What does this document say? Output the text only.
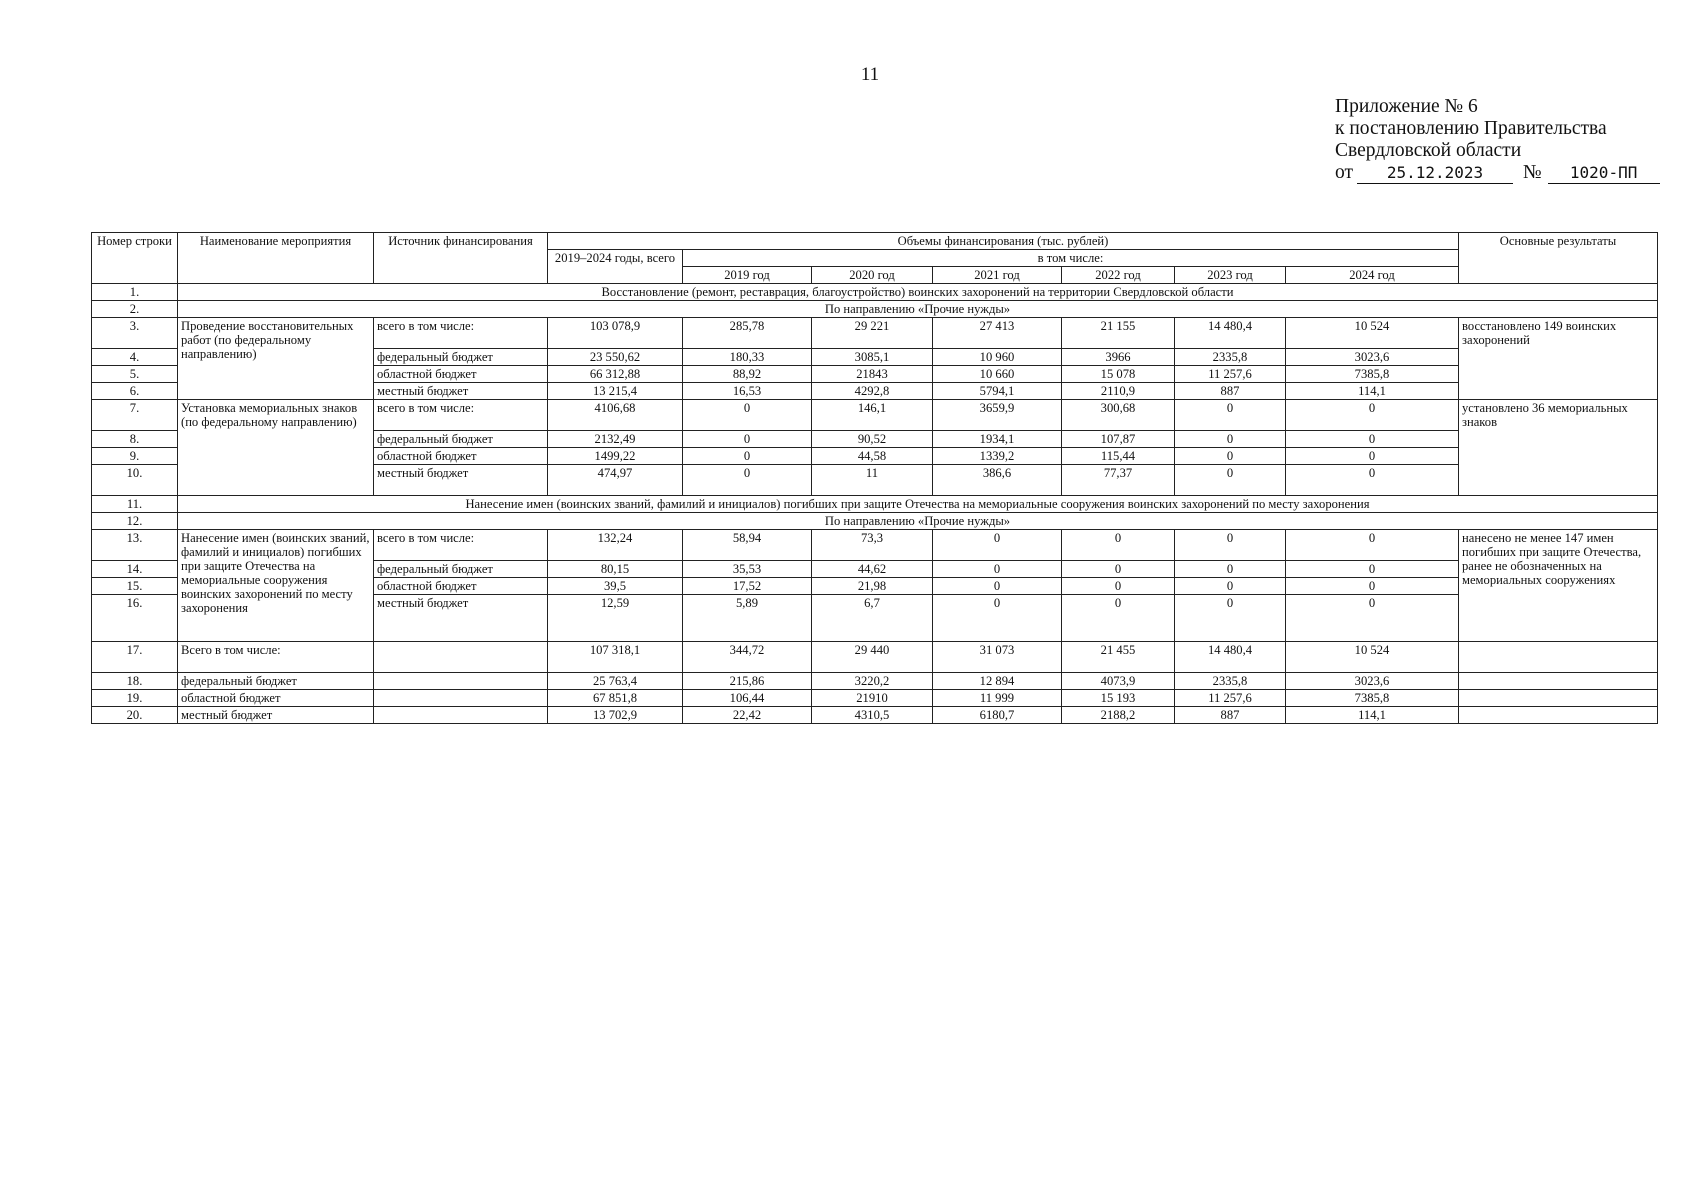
11
Приложение № 6
к постановлению Правительства
Свердловской области
от 25.12.2023 № 1020-ПП
Номер строки	Наименование мероприятия	Источник финансирования	Объемы финансирования (тыс. рублей)							Основные результаты
			2019–2024 годы, всего	в том числе:						
				2019 год	2020 год	2021 год	2022 год	2023 год	2024 год	
1.	Восстановление (ремонт, реставрация, благоустройство) воинских захоронений на территории Свердловской области									
2.	По направлению «Прочие нужды»									
3.	Проведение восстановительных работ (по федеральному направлению)	всего в том числе:	103 078,9	285,78	29 221	27 413	21 155	14 480,4	10 524	восстановлено 149 воинских захоронений
4.		федеральный бюджет	23 550,62	180,33	3085,1	10 960	3966	2335,8	3023,6	
5.		областной бюджет	66 312,88	88,92	21843	10 660	15 078	11 257,6	7385,8	
6.		местный бюджет	13 215,4	16,53	4292,8	5794,1	2110,9	887	114,1	
7.	Установка мемориальных знаков (по федеральному направлению)	всего в том числе:	4106,68	0	146,1	3659,9	300,68	0	0	установлено 36 мемориальных знаков
8.		федеральный бюджет	2132,49	0	90,52	1934,1	107,87	0	0	
9.		областной бюджет	1499,22	0	44,58	1339,2	115,44	0	0	
10.		местный бюджет	474,97	0	11	386,6	77,37	0	0	
11.	Нанесение имен (воинских званий, фамилий и инициалов) погибших при защите Отечества на мемориальные сооружения воинских захоронений по месту захоронения									
12.	По направлению «Прочие нужды»									
13.	Нанесение имен (воинских званий, фамилий и инициалов) погибших при защите Отечества на мемориальные сооружения воинских захоронений по месту захоронения	всего в том числе:	132,24	58,94	73,3	0	0	0	0	нанесено не менее 147 имен погибших при защите Отечества, ранее не обозначенных на мемориальных сооружениях
14.		федеральный бюджет	80,15	35,53	44,62	0	0	0	0	
15.		областной бюджет	39,5	17,52	21,98	0	0	0	0	
16.		местный бюджет	12,59	5,89	6,7	0	0	0	0	
17.	Всего в том числе:		107 318,1	344,72	29 440	31 073	21 455	14 480,4	10 524	
18.	федеральный бюджет		25 763,4	215,86	3220,2	12 894	4073,9	2335,8	3023,6	
19.	областной бюджет		67 851,8	106,44	21910	11 999	15 193	11 257,6	7385,8	
20.	местный бюджет		13 702,9	22,42	4310,5	6180,7	2188,2	887	114,1	
